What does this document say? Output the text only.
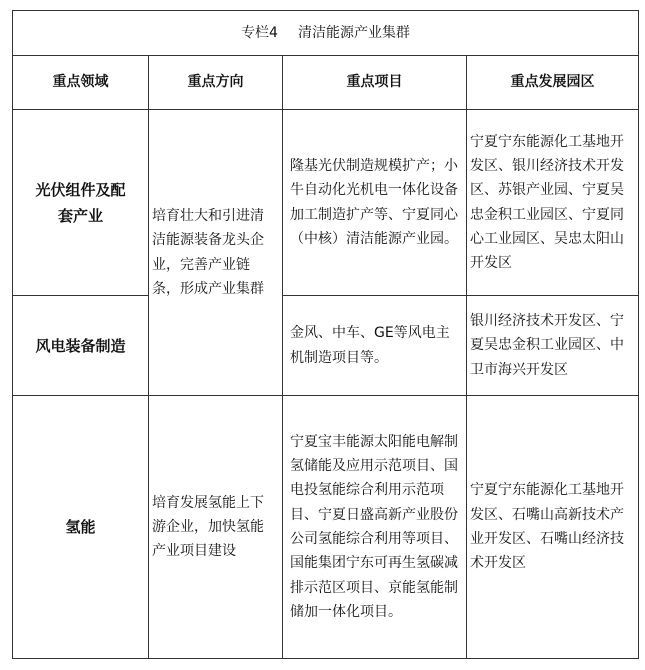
专栏4 清洁能源产业集群			
重点领域	重点方向	重点项目	重点发展园区

光伏组件及配套产业	培育壮大和引进清洁能源装备龙头企业，完善产业链条，形成产业集群	隆基光伏制造规模扩产；小牛自动化光机电一体化设备加工制造扩产等、宁夏同心（中核）清洁能源产业园。	宁夏宁东能源化工基地开发区、银川经济技术开发区、苏银产业园、宁夏吴忠金积工业园区、宁夏同心工业园区、吴忠太阳山开发区

风电装备制造		金风、中车、GE等风电主机制造项目等。	银川经济技术开发区、宁夏吴忠金积工业园区、中卫市海兴开发区

氢能	培育发展氢能上下游企业，加快氢能产业项目建设	宁夏宝丰能源太阳能电解制氢储能及应用示范项目、国电投氢能综合利用示范项目、宁夏日盛高新产业股份公司氢能综合利用等项目、国能集团宁东可再生氢碳减排示范区项目、京能氢能制储加一体化项目。	宁夏宁东能源化工基地开发区、石嘴山高新技术产业开发区、石嘴山经济技术开发区
